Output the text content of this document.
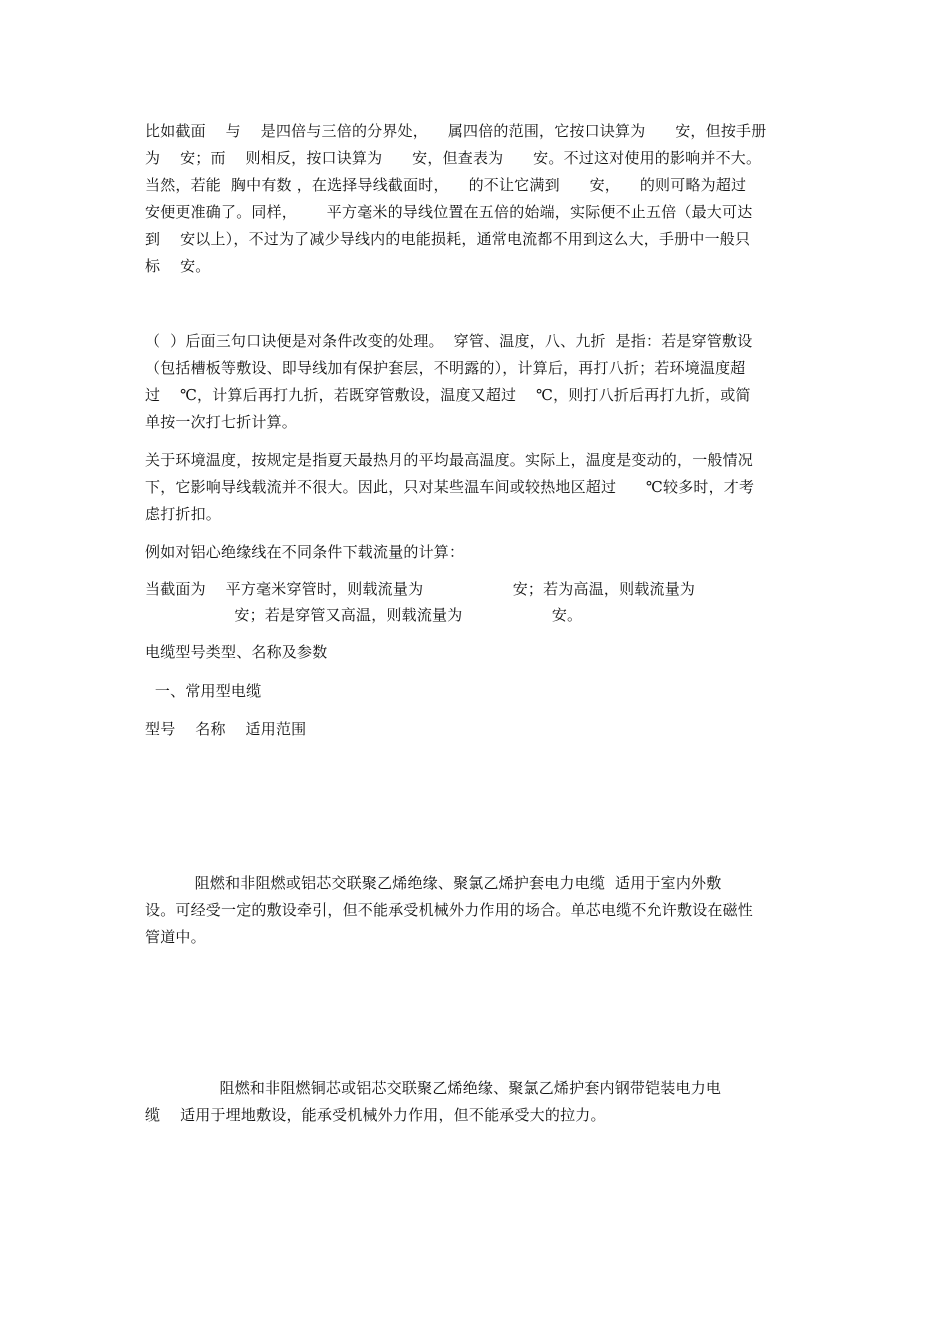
比如截面    与    是四倍与三倍的分界处，    属四倍的范围，它按口诀算为      安，但按手册
为    安；而    则相反，按口诀算为      安，但查表为      安。不过这对使用的影响并不大。
当然，若能  胸中有数 ，在选择导线截面时，    的不让它满到      安，    的则可略为超过
安便更准确了。同样，      平方毫米的导线位置在五倍的始端，实际便不止五倍（最大可达
到    安以上），不过为了减少导线内的电能损耗，通常电流都不用到这么大，手册中一般只
标    安。
（  ）后面三句口诀便是对条件改变的处理。  穿管、温度，八、九折  是指：若是穿管敷设
（包括槽板等敷设、即导线加有保护套层，不明露的），计算后，再打八折；若环境温度超
过    ℃，计算后再打九折，若既穿管敷设，温度又超过    ℃，则打八折后再打九折，或简
单按一次打七折计算。
关于环境温度，按规定是指夏天最热月的平均最高温度。实际上，温度是变动的，一般情况
下，它影响导线载流并不很大。因此，只对某些温车间或较热地区超过      ℃较多时，才考
虑打折扣。
例如对铝心绝缘线在不同条件下载流量的计算：
当截面为    平方毫米穿管时，则载流量为                  安；若为高温，则载流量为
安；若是穿管又高温，则载流量为                  安。
电缆型号类型、名称及参数
一、常用型电缆
型号    名称    适用范围
阻燃和非阻燃或铝芯交联聚乙烯绝缘、聚氯乙烯护套电力电缆  适用于室内外敷
设。可经受一定的敷设牵引，但不能承受机械外力作用的场合。单芯电缆不允许敷设在磁性
管道中。
阻燃和非阻燃铜芯或铝芯交联聚乙烯绝缘、聚氯乙烯护套内钢带铠装电力电
缆    适用于埋地敷设，能承受机械外力作用，但不能承受大的拉力。
